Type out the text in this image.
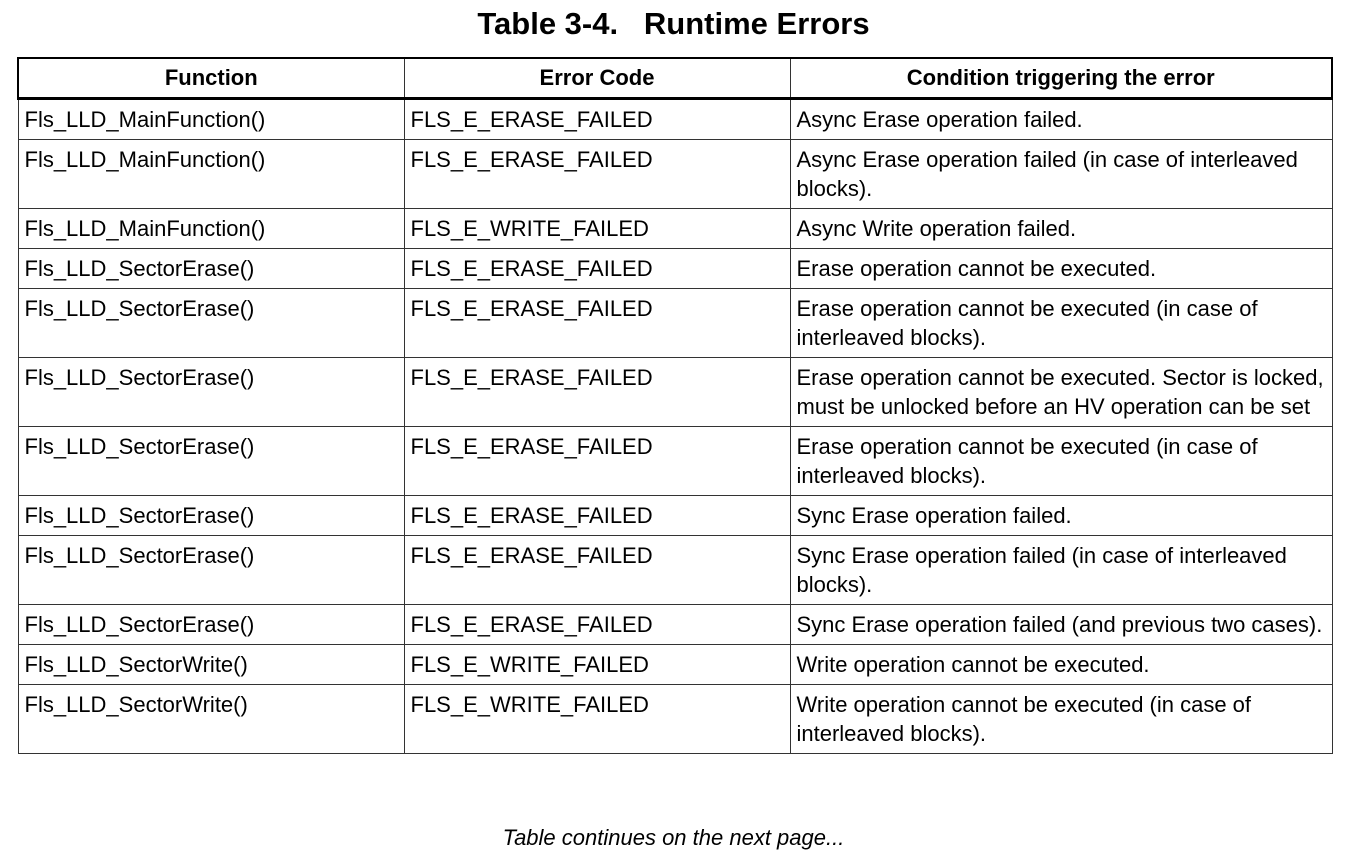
Table 3-4.   Runtime Errors
Function	Error Code	Condition triggering the error
Fls_LLD_MainFunction()	FLS_E_ERASE_FAILED	Async Erase operation failed.
Fls_LLD_MainFunction()	FLS_E_ERASE_FAILED	Async Erase operation failed (in case of interleaved blocks).
Fls_LLD_MainFunction()	FLS_E_WRITE_FAILED	Async Write operation failed.
Fls_LLD_SectorErase()	FLS_E_ERASE_FAILED	Erase operation cannot be executed.
Fls_LLD_SectorErase()	FLS_E_ERASE_FAILED	Erase operation cannot be executed (in case of interleaved blocks).
Fls_LLD_SectorErase()	FLS_E_ERASE_FAILED	Erase operation cannot be executed. Sector is locked, must be unlocked before an HV operation can be set
Fls_LLD_SectorErase()	FLS_E_ERASE_FAILED	Erase operation cannot be executed (in case of interleaved blocks).
Fls_LLD_SectorErase()	FLS_E_ERASE_FAILED	Sync Erase operation failed.
Fls_LLD_SectorErase()	FLS_E_ERASE_FAILED	Sync Erase operation failed (in case of interleaved blocks).
Fls_LLD_SectorErase()	FLS_E_ERASE_FAILED	Sync Erase operation failed (and previous two cases).
Fls_LLD_SectorWrite()	FLS_E_WRITE_FAILED	Write operation cannot be executed.
Fls_LLD_SectorWrite()	FLS_E_WRITE_FAILED	Write operation cannot be executed (in case of interleaved blocks).
Table continues on the next page...
